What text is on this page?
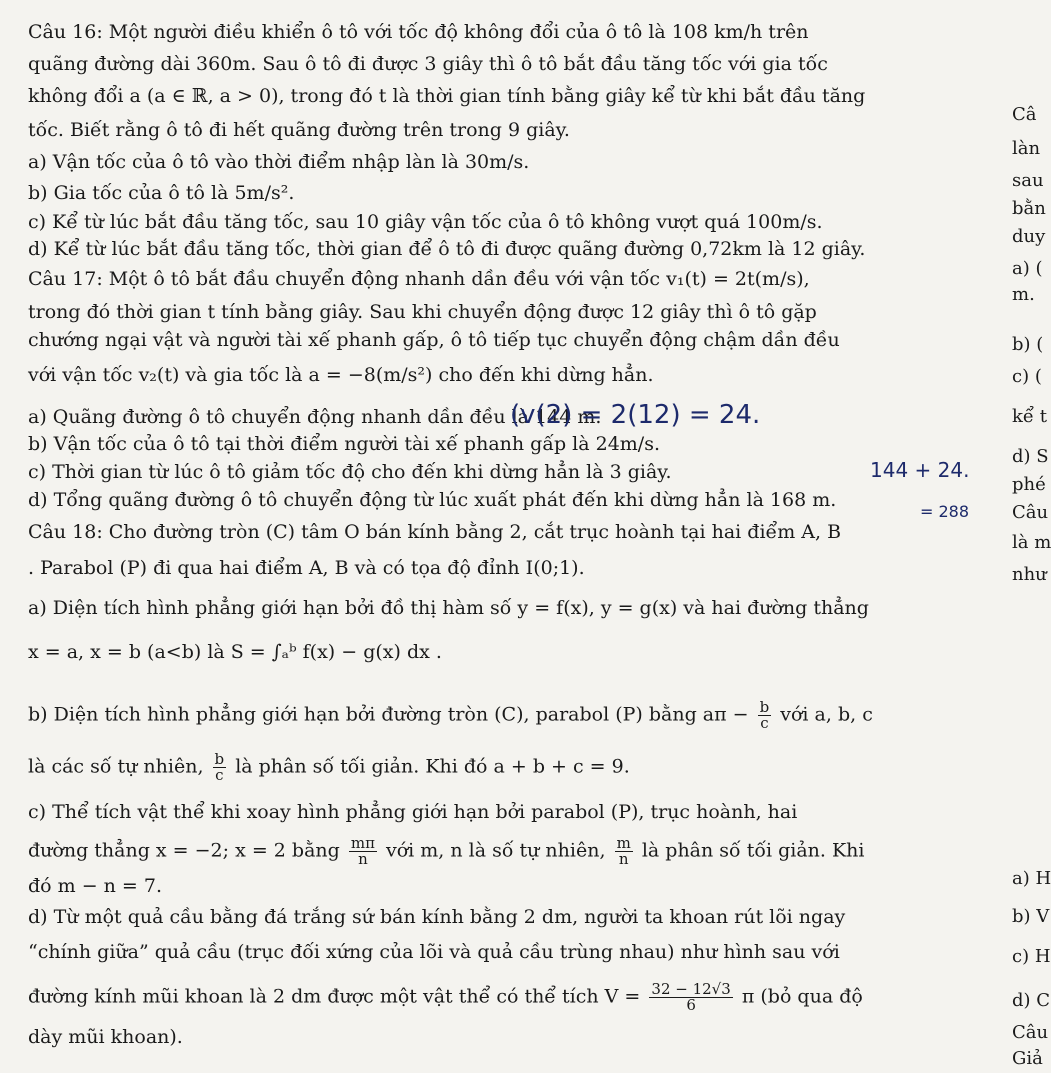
Câu 16: Một người điều khiển ô tô với tốc độ không đổi của ô tô là 108 km/h trên
quãng đường dài 360m. Sau ô tô đi được 3 giây thì ô tô bắt đầu tăng tốc với gia tốc
không đổi a (a ∈ ℝ, a > 0), trong đó t là thời gian tính bằng giây kể từ khi bắt đầu tăng
tốc. Biết rằng ô tô đi hết quãng đường trên trong 9 giây.
a) Vận tốc của ô tô vào thời điểm nhập làn là 30m/s.
b) Gia tốc của ô tô là 5m/s².
c) Kể từ lúc bắt đầu tăng tốc, sau 10 giây vận tốc của ô tô không vượt quá 100m/s.
d) Kể từ lúc bắt đầu tăng tốc, thời gian để ô tô đi được quãng đường 0,72km là 12 giây.
Câu 17: Một ô tô bắt đầu chuyển động nhanh dần đều với vận tốc v₁(t) = 2t(m/s),
trong đó thời gian t tính bằng giây. Sau khi chuyển động được 12 giây thì ô tô gặp
chướng ngại vật và người tài xế phanh gấp, ô tô tiếp tục chuyển động chậm dần đều
với vận tốc v₂(t) và gia tốc là a = −8(m/s²) cho đến khi dừng hẳn.
a) Quãng đường ô tô chuyển động nhanh dần đều là 144 m.
b) Vận tốc của ô tô tại thời điểm người tài xế phanh gấp là 24m/s.
c) Thời gian từ lúc ô tô giảm tốc độ cho đến khi dừng hẳn là 3 giây.
d) Tổng quãng đường ô tô chuyển động từ lúc xuất phát đến khi dừng hẳn là 168 m.
Câu 18: Cho đường tròn (C) tâm O bán kính bằng 2, cắt trục hoành tại hai điểm A, B
. Parabol (P) đi qua hai điểm A, B và có tọa độ đỉnh I(0;1).
a) Diện tích hình phẳng giới hạn bởi đồ thị hàm số y = f(x), y = g(x) và hai đường thẳng
x = a, x = b (a<b) là S = ∫ₐᵇ f(x) − g(x) dx .
b) Diện tích hình phẳng giới hạn bởi đường tròn (C), parabol (P) bằng $a\pi - \frac{b}{c}$ với a, b, c
là các số tự nhiên, $\frac{b}{c}$ là phân số tối giản. Khi đó a + b + c = 9.
c) Thể tích vật thể khi xoay hình phẳng giới hạn bởi parabol (P), trục hoành, hai
đường thẳng x = −2; x = 2 bằng $\frac{m\pi}{n}$ với m, n là số tự nhiên, $\frac{m}{n}$ là phân số tối giản. Khi
đó m − n = 7.
d) Từ một quả cầu bằng đá trắng sứ bán kính bằng 2 dm, người ta khoan rút lõi ngay
“chính giữa” quả cầu (trục đối xứng của lõi và quả cầu trùng nhau) như hình sau với
đường kính mũi khoan là 2 dm được một vật thể có thể tích $V = \frac{32 - 12√3}{6}$ π (bỏ qua độ
dày mũi khoan).
Câ
làn
sau
bằn
duy
a) (
m.
b) (
c) (
kể t
d) S
phé
Câu
là m
như
a) H
b) V
c) H
d) C
Câu
Giả
(v(2) = 2(12) = 24.
144 + 24.
= 288
